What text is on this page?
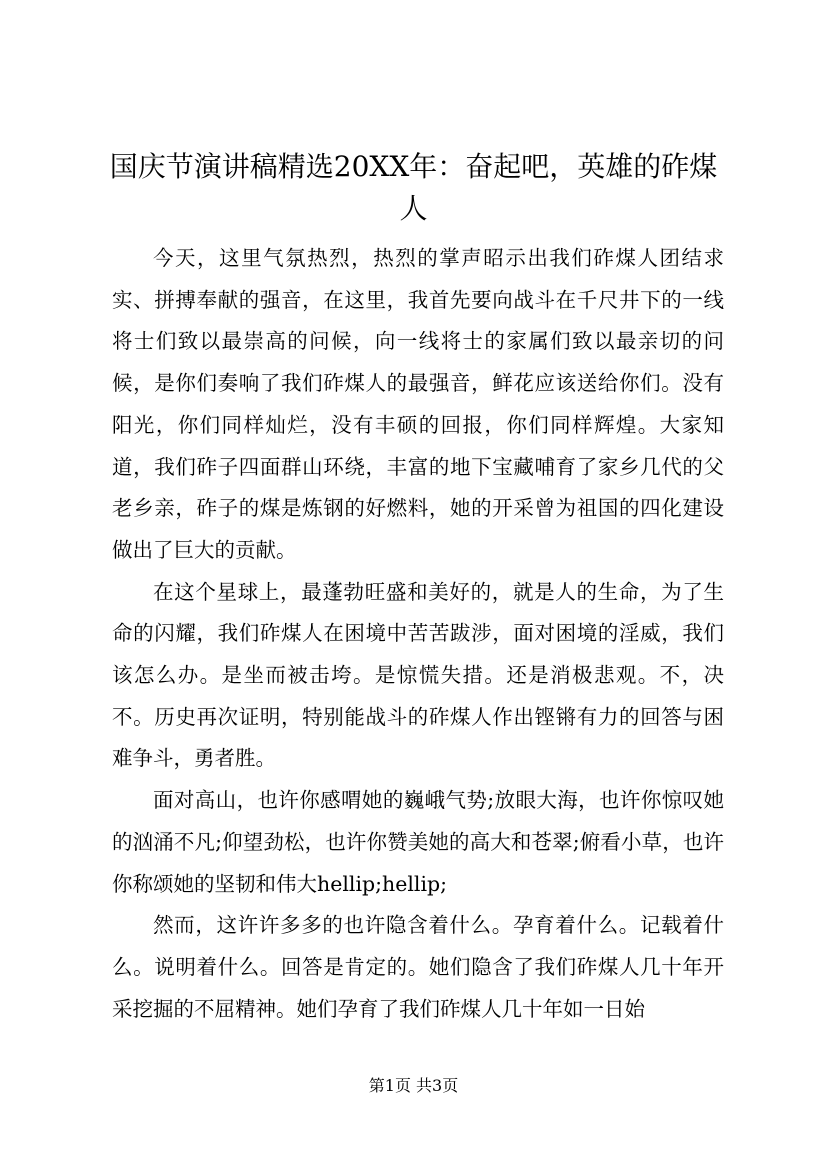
国庆节演讲稿精选20XX年：奋起吧，英雄的砟煤人

今天，这里气氛热烈，热烈的掌声昭示出我们砟煤人团结求实、拼搏奉献的强音，在这里，我首先要向战斗在千尺井下的一线将士们致以最崇高的问候，向一线将士的家属们致以最亲切的问候，是你们奏响了我们砟煤人的最强音，鲜花应该送给你们。没有阳光，你们同样灿烂，没有丰硕的回报，你们同样辉煌。大家知道，我们砟子四面群山环绕，丰富的地下宝藏哺育了家乡几代的父老乡亲，砟子的煤是炼钢的好燃料，她的开采曾为祖国的四化建设做出了巨大的贡献。

在这个星球上，最蓬勃旺盛和美好的，就是人的生命，为了生命的闪耀，我们砟煤人在困境中苦苦跋涉，面对困境的淫威，我们该怎么办。是坐而被击垮。是惊慌失措。还是消极悲观。不，决不。历史再次证明，特别能战斗的砟煤人作出铿锵有力的回答与困难争斗，勇者胜。

面对高山，也许你感喟她的巍峨气势;放眼大海，也许你惊叹她的汹涌不凡;仰望劲松，也许你赞美她的高大和苍翠;俯看小草，也许你称颂她的坚韧和伟大hellip;hellip;

然而，这许许多多的也许隐含着什么。孕育着什么。记载着什么。说明着什么。回答是肯定的。她们隐含了我们砟煤人几十年开采挖掘的不屈精神。她们孕育了我们砟煤人几十年如一日始

第1页 共3页
